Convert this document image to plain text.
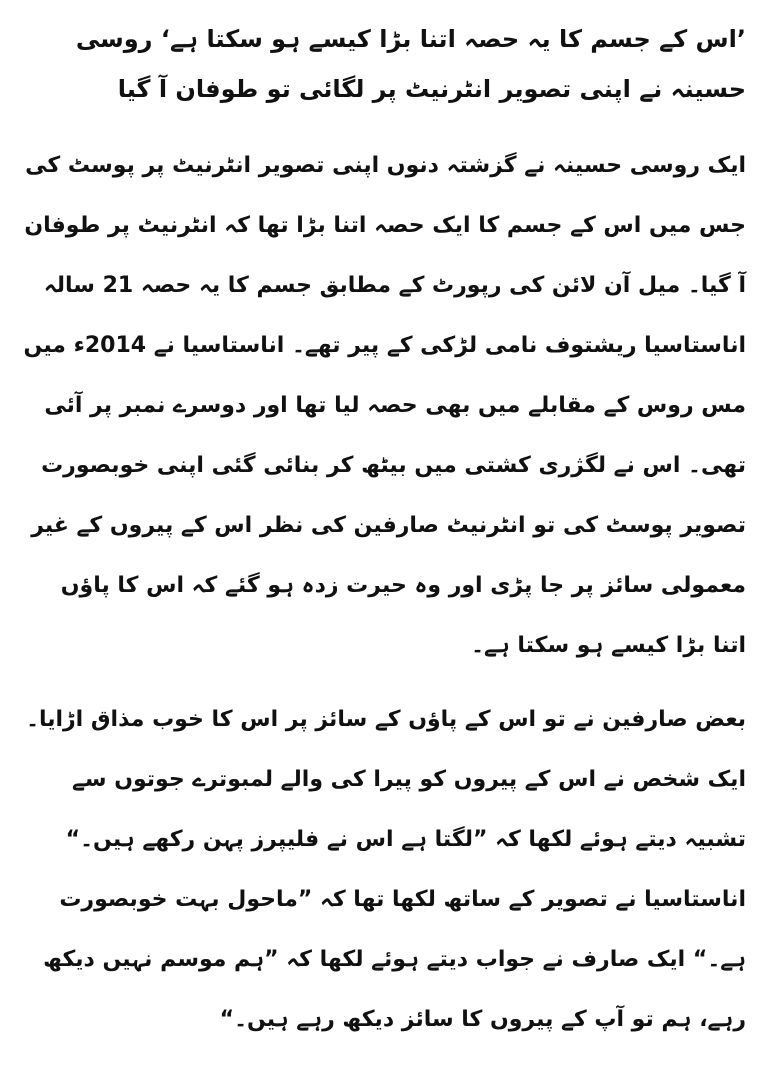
’اس کے جسم کا یہ حصہ اتنا بڑا کیسے ہو سکتا ہے‘ روسی حسینہ نے اپنی تصویر انٹرنیٹ پر لگائی تو طوفان آ گیا

ایک روسی حسینہ نے گزشتہ دنوں اپنی تصویر انٹرنیٹ پر پوسٹ کی جس میں اس کے جسم کا ایک حصہ اتنا بڑا تھا کہ انٹرنیٹ پر طوفان آ گیا۔ میل آن لائن کی رپورٹ کے مطابق جسم کا یہ حصہ 21 سالہ اناستاسیا ریشتوف نامی لڑکی کے پیر تھے۔ اناستاسیا نے 2014ء میں مس روس کے مقابلے میں بھی حصہ لیا تھا اور دوسرے نمبر پر آئی تھی۔ اس نے لگژری کشتی میں بیٹھ کر بنائی گئی اپنی خوبصورت تصویر پوسٹ کی تو انٹرنیٹ صارفین کی نظر اس کے پیروں کے غیر معمولی سائز پر جا پڑی اور وہ حیرت زدہ ہو گئے کہ اس کا پاؤں اتنا بڑا کیسے ہو سکتا ہے۔

بعض صارفین نے تو اس کے پاؤں کے سائز پر اس کا خوب مذاق اڑایا۔ ایک شخص نے اس کے پیروں کو پیرا کی والے لمبوترے جوتوں سے تشبیہ دیتے ہوئے لکھا کہ ”لگتا ہے اس نے فلیپرز پہن رکھے ہیں۔“ اناستاسیا نے تصویر کے ساتھ لکھا تھا کہ ”ماحول بہت خوبصورت ہے۔“ ایک صارف نے جواب دیتے ہوئے لکھا کہ ”ہم موسم نہیں دیکھ رہے، ہم تو آپ کے پیروں کا سائز دیکھ رہے ہیں۔“
